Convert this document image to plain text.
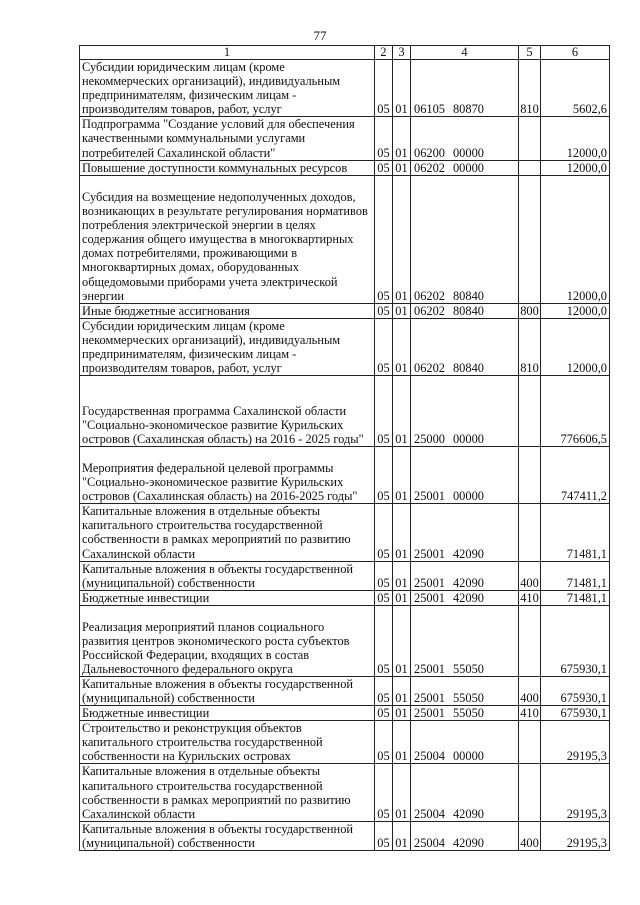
77
1	2	3	4	5	6
Субсидии юридическим лицам (кроме некоммерческих организаций), индивидуальным предпринимателям, физическим лицам - производителям товаров, работ, услуг	05	01	06105 80870	810	5602,6
Подпрограмма "Создание условий для обеспечения качественными коммунальными услугами потребителей Сахалинской области"	05	01	06200 00000		12000,0
Повышение доступности коммунальных ресурсов	05	01	06202 00000		12000,0
Субсидия на возмещение недополученных доходов, возникающих в результате регулирования нормативов потребления электрической энергии в целях содержания общего имущества в многоквартирных домах потребителями, проживающими в многоквартирных домах, оборудованных общедомовыми приборами учета электрической энергии	05	01	06202 80840		12000,0
Иные бюджетные ассигнования	05	01	06202 80840	800	12000,0
Субсидии юридическим лицам (кроме некоммерческих организаций), индивидуальным предпринимателям, физическим лицам - производителям товаров, работ, услуг	05	01	06202 80840	810	12000,0
Государственная программа Сахалинской области "Социально-экономическое развитие Курильских островов (Сахалинская область) на 2016 - 2025 годы"	05	01	25000 00000		776606,5
Мероприятия федеральной целевой программы "Социально-экономическое развитие Курильских островов (Сахалинская область) на 2016-2025 годы"	05	01	25001 00000		747411,2
Капитальные вложения в отдельные объекты капитального строительства государственной собственности в рамках мероприятий по развитию Сахалинской области	05	01	25001 42090		71481,1
Капитальные вложения в объекты государственной (муниципальной) собственности	05	01	25001 42090	400	71481,1
Бюджетные инвестиции	05	01	25001 42090	410	71481,1
Реализация мероприятий планов социального развития центров экономического роста субъектов Российской Федерации, входящих в состав Дальневосточного федерального округа	05	01	25001 55050		675930,1
Капитальные вложения в объекты государственной (муниципальной) собственности	05	01	25001 55050	400	675930,1
Бюджетные инвестиции	05	01	25001 55050	410	675930,1
Строительство и реконструкция объектов капитального строительства государственной собственности на Курильских островах	05	01	25004 00000		29195,3
Капитальные вложения в отдельные объекты капитального строительства государственной собственности в рамках мероприятий по развитию Сахалинской области	05	01	25004 42090		29195,3
Капитальные вложения в объекты государственной (муниципальной) собственности	05	01	25004 42090	400	29195,3
